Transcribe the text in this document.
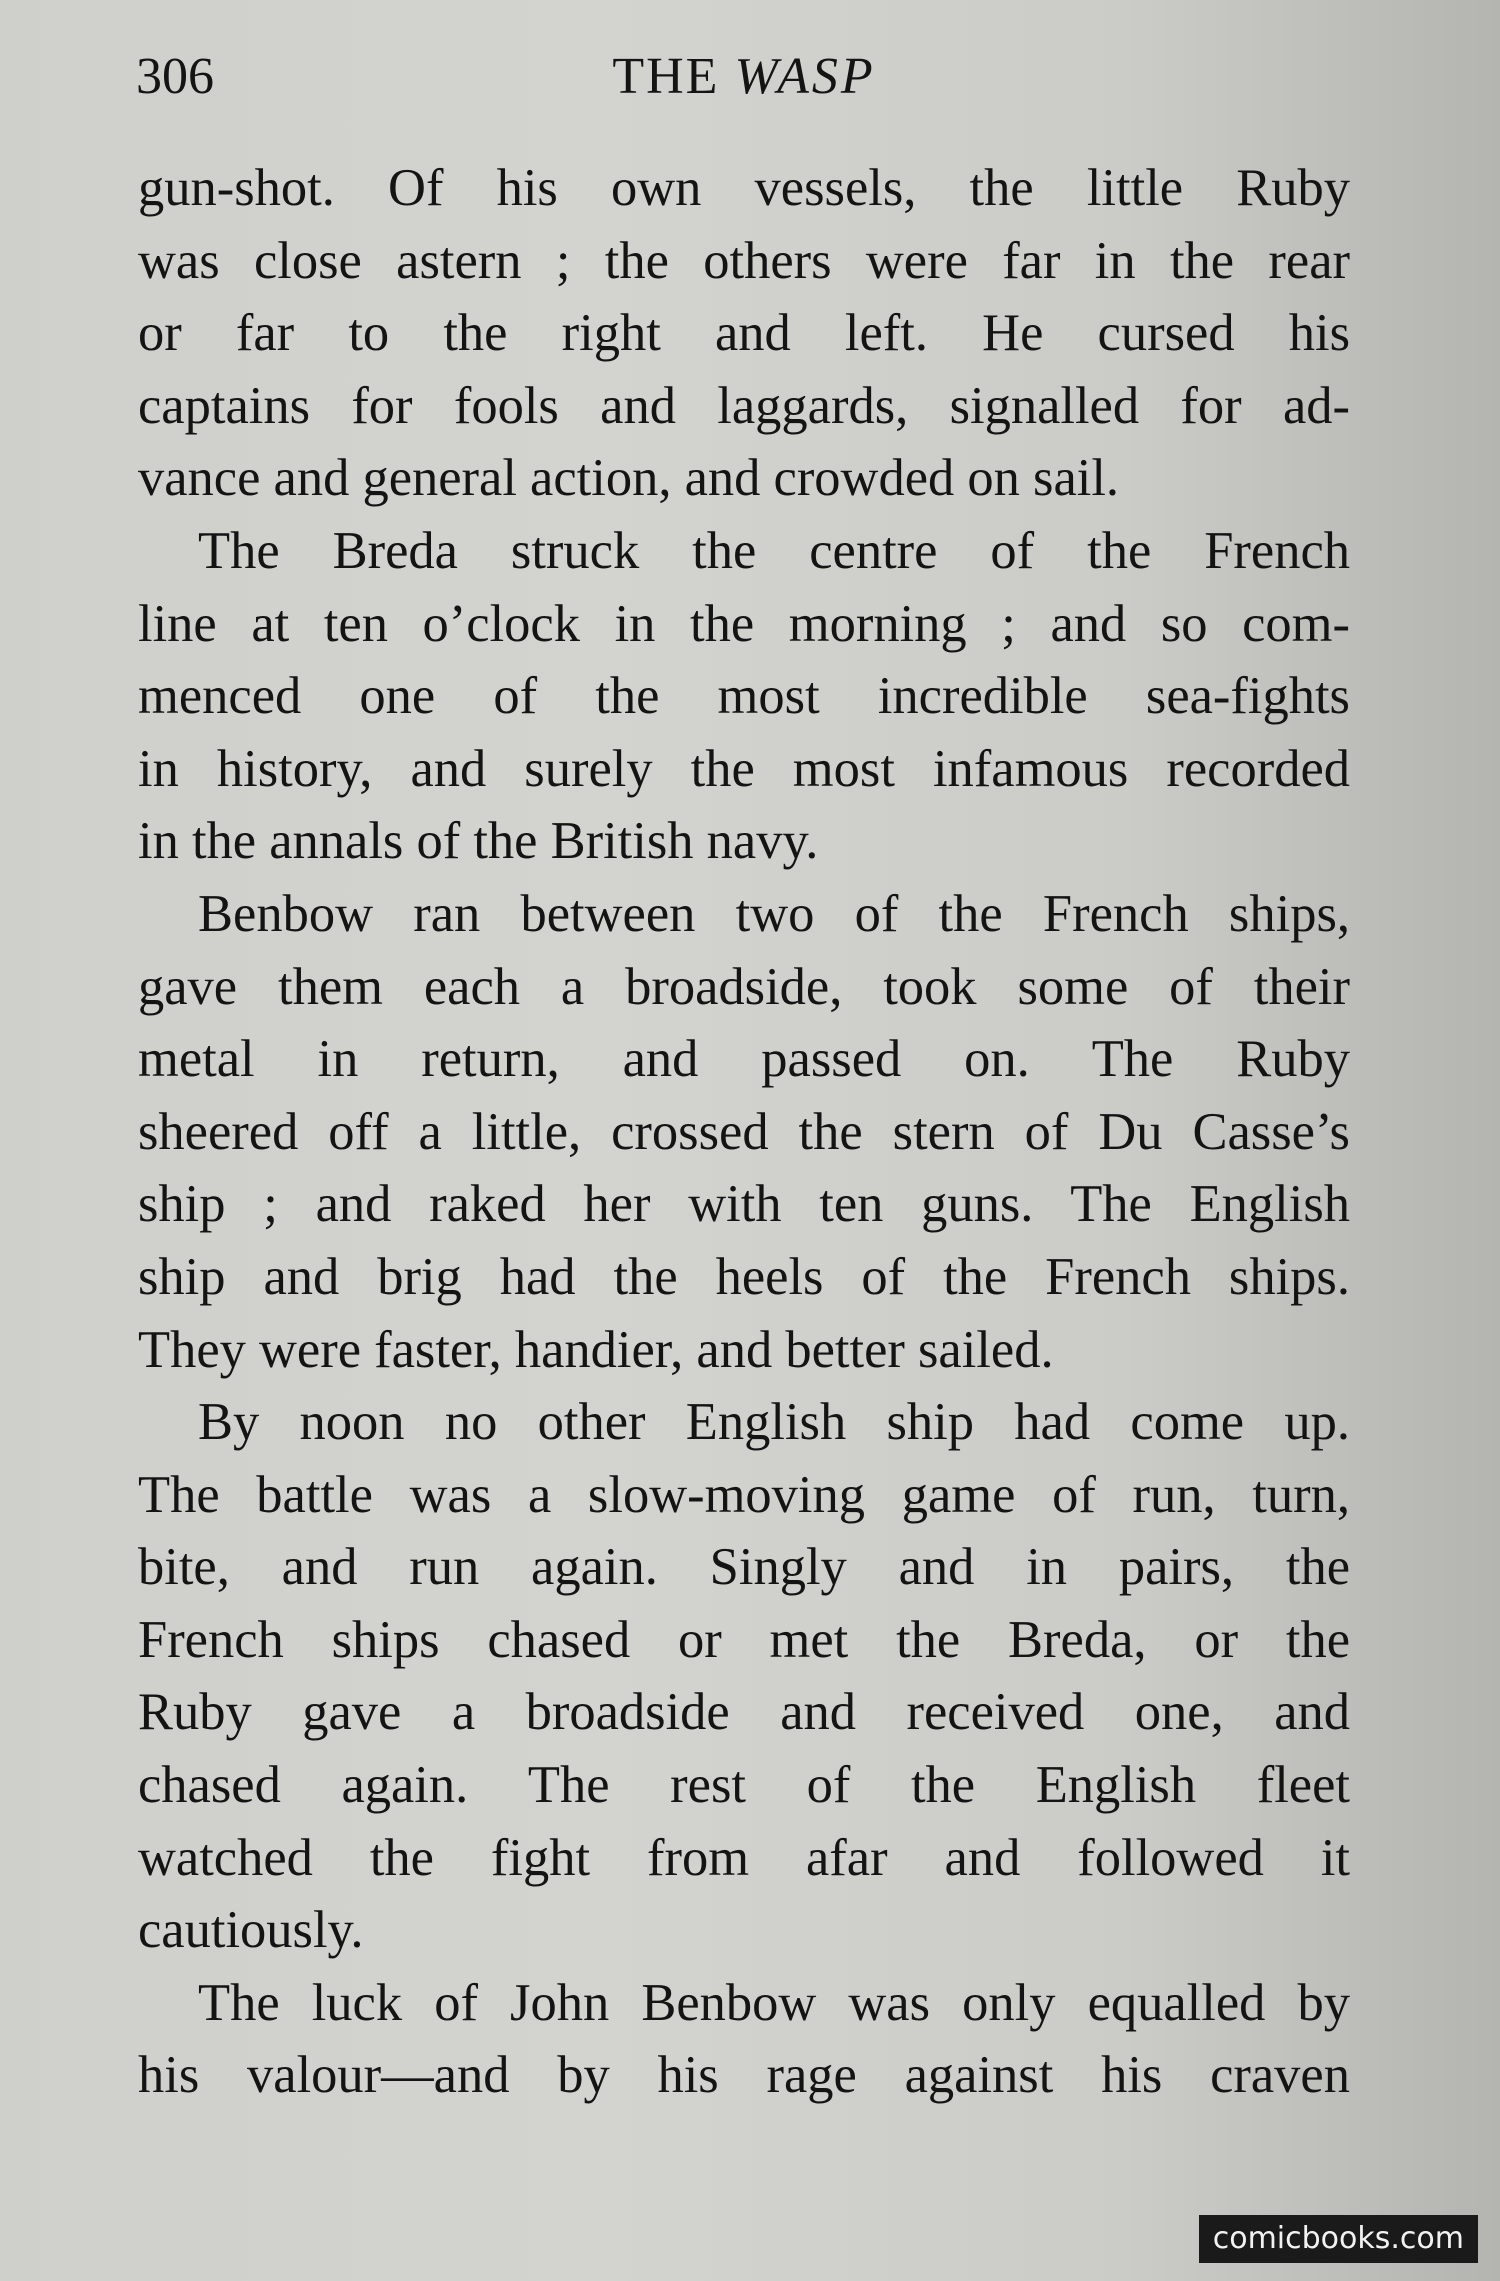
306	THE WASP

gun-shot. Of his own vessels, the little Ruby

was close astern ; the others were far in the rear

or far to the right and left. He cursed his

captains for fools and laggards, signalled for ad-

vance and general action, and crowded on sail.

The Breda struck the centre of the French

line at ten o’clock in the morning ; and so com-

menced one of the most incredible sea-fights

in history, and surely the most infamous recorded

in the annals of the British navy.

Benbow ran between two of the French ships,

gave them each a broadside, took some of their

metal in return, and passed on. The Ruby

sheered off a little, crossed the stern of Du Casse’s

ship ; and raked her with ten guns. The English

ship and brig had the heels of the French ships.

They were faster, handier, and better sailed.

By noon no other English ship had come up.

The battle was a slow-moving game of run, turn,

bite, and run again. Singly and in pairs, the

French ships chased or met the Breda, or the

Ruby gave a broadside and received one, and

chased again. The rest of the English fleet

watched the fight from afar and followed it

cautiously.

The luck of John Benbow was only equalled by

his valour—and by his rage against his craven

comicbooks.com
